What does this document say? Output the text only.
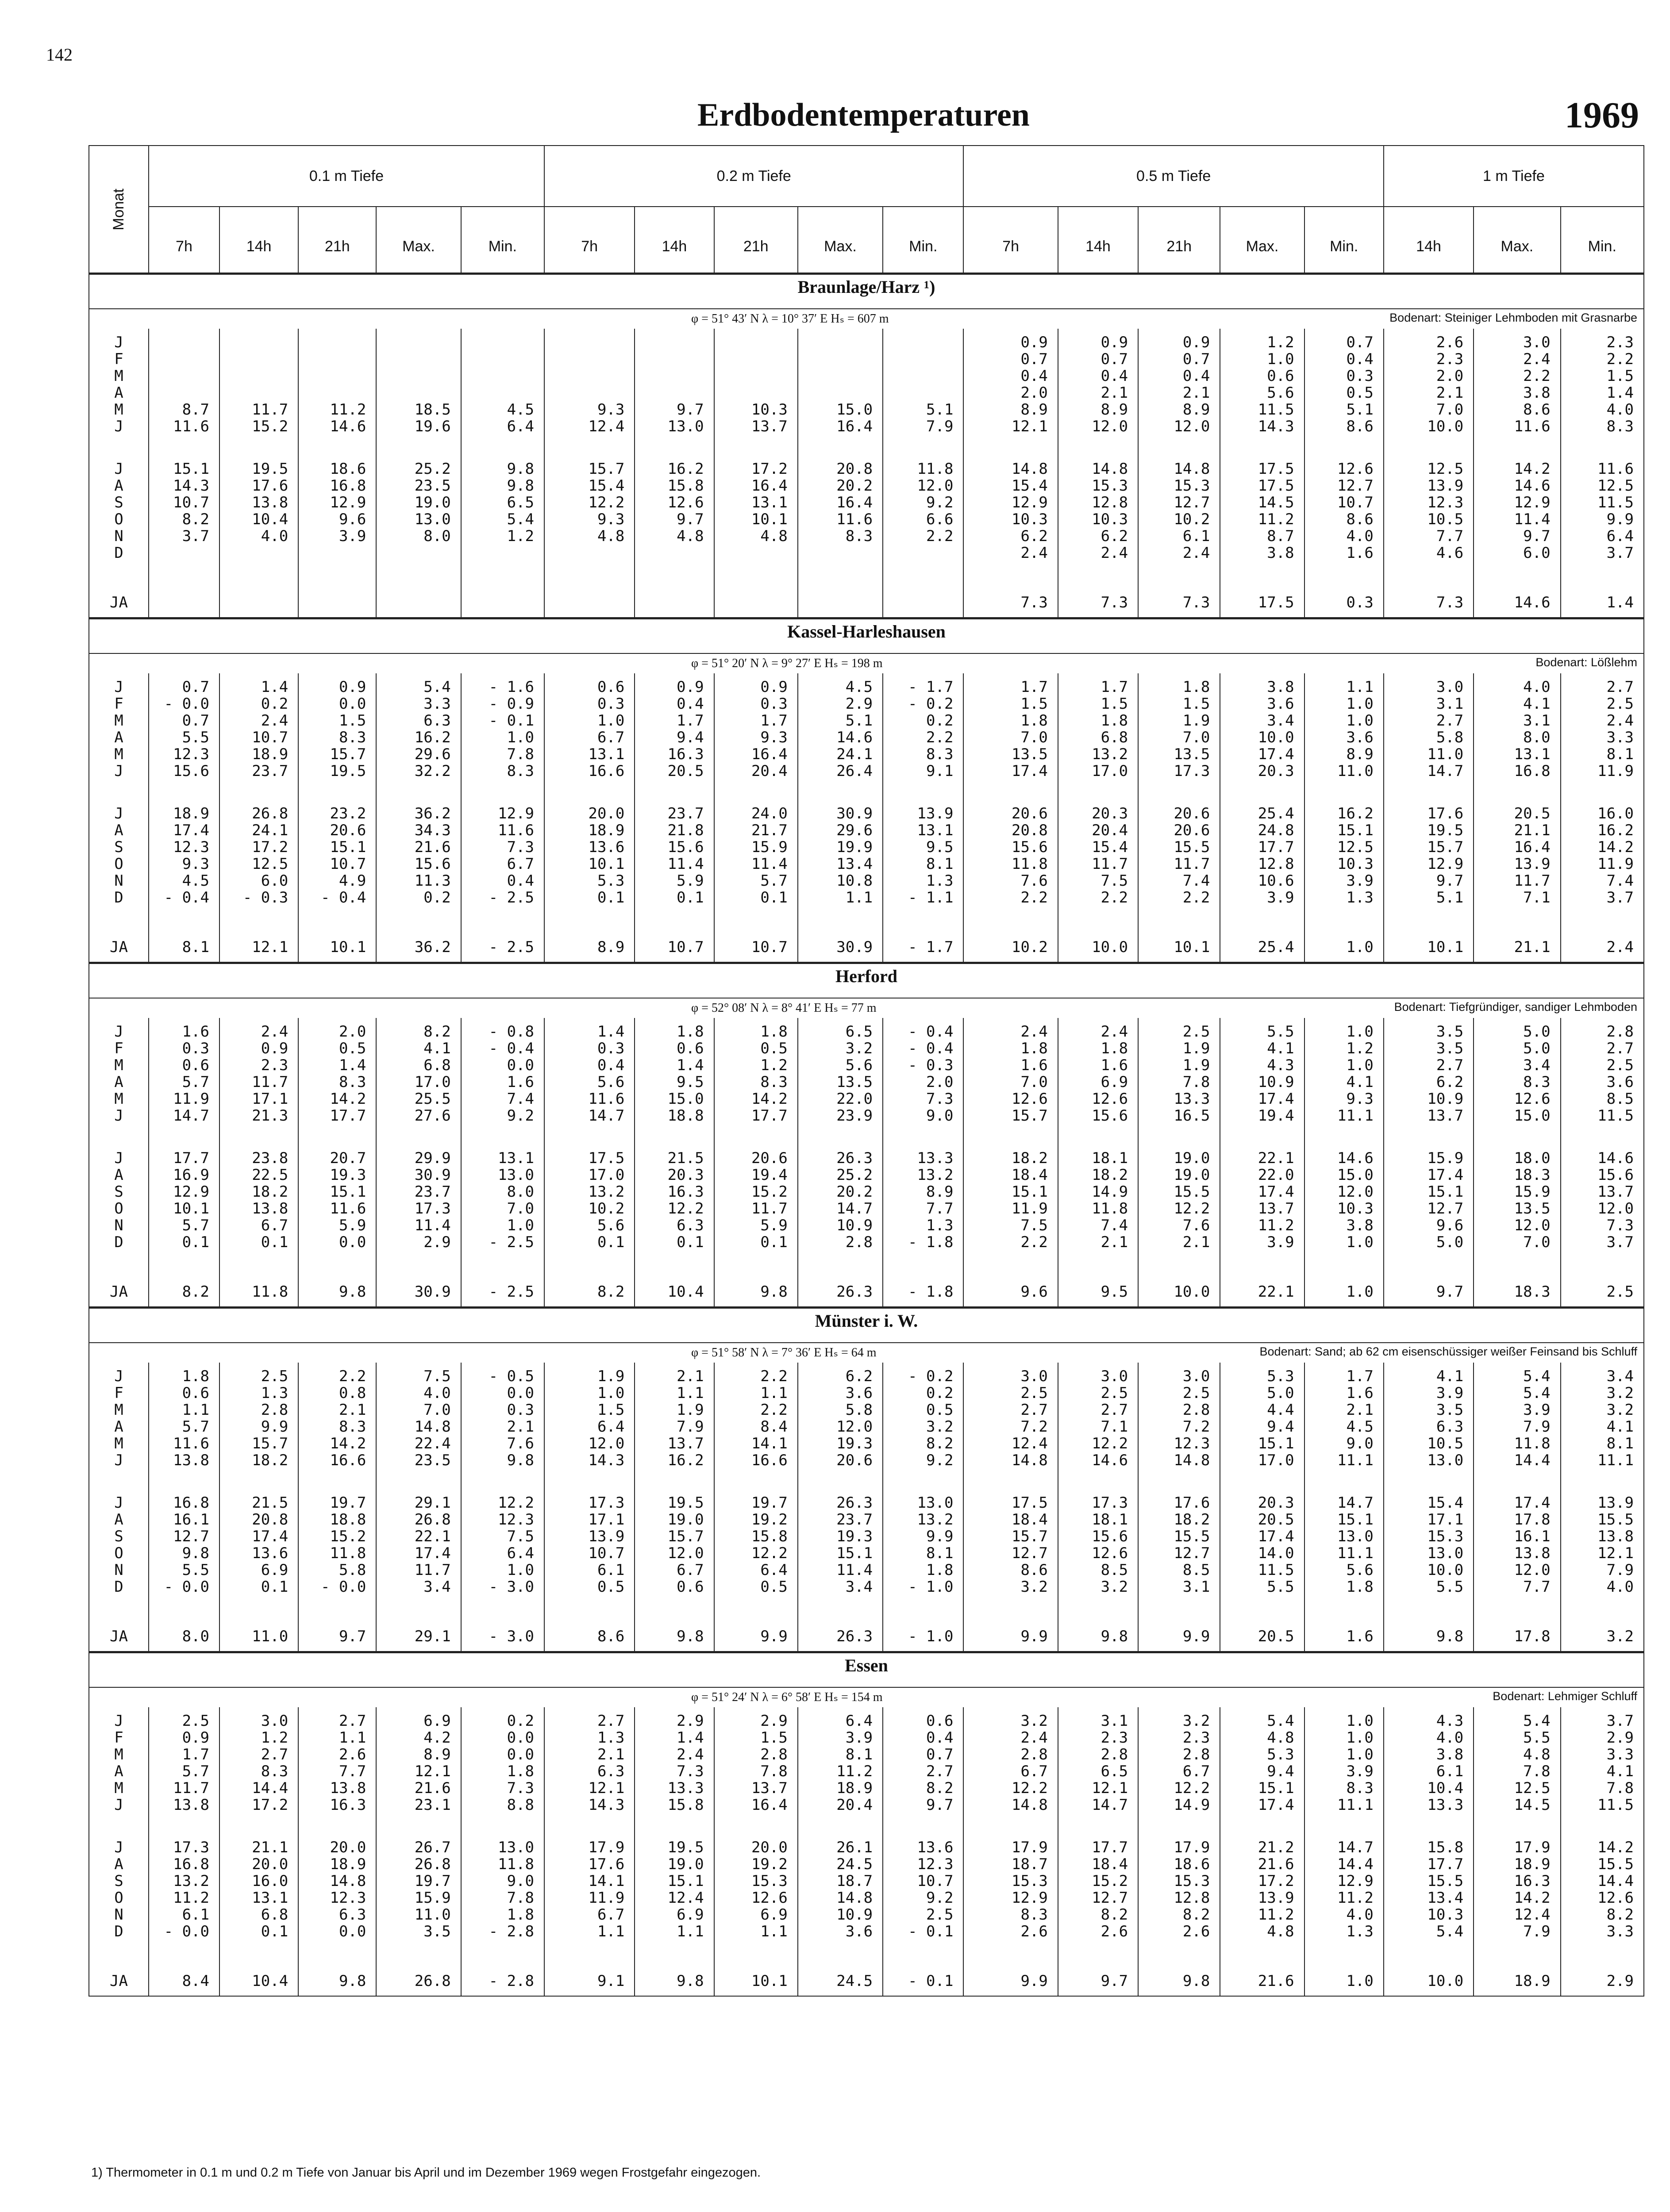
142
Erdbodentemperaturen	1969
Monat	0.1 m Tiefe					0.2 m Tiefe					0.5 m Tiefe					1 m Tiefe		
	7h	14h	21h	Max.	Min.	7h	14h	21h	Max.	Min.	7h	14h	21h	Max.	Min.	14h	Max.	Min.
Braunlage/Harz ¹)																		

φ = 51° 43′ N λ = 10° 37′ E Hₛ = 607 m Bodenart: Steiniger Lehmboden mit Grasnarbe																		

J											0.9	0.9	0.9	1.2	0.7	2.6	3.0	2.3
F											0.7	0.7	0.7	1.0	0.4	2.3	2.4	2.2
M											0.4	0.4	0.4	0.6	0.3	2.0	2.2	1.5
A											2.0	2.1	2.1	5.6	0.5	2.1	3.8	1.4
M	8.7	11.7	11.2	18.5	4.5	9.3	9.7	10.3	15.0	5.1	8.9	8.9	8.9	11.5	5.1	7.0	8.6	4.0
J	11.6	15.2	14.6	19.6	6.4	12.4	13.0	13.7	16.4	7.9	12.1	12.0	12.0	14.3	8.6	10.0	11.6	8.3
J	15.1	19.5	18.6	25.2	9.8	15.7	16.2	17.2	20.8	11.8	14.8	14.8	14.8	17.5	12.6	12.5	14.2	11.6
A	14.3	17.6	16.8	23.5	9.8	15.4	15.8	16.4	20.2	12.0	15.4	15.3	15.3	17.5	12.7	13.9	14.6	12.5
S	10.7	13.8	12.9	19.0	6.5	12.2	12.6	13.1	16.4	9.2	12.9	12.8	12.7	14.5	10.7	12.3	12.9	11.5
O	8.2	10.4	9.6	13.0	5.4	9.3	9.7	10.1	11.6	6.6	10.3	10.3	10.2	11.2	8.6	10.5	11.4	9.9
N	3.7	4.0	3.9	8.0	1.2	4.8	4.8	4.8	8.3	2.2	6.2	6.2	6.1	8.7	4.0	7.7	9.7	6.4
D											2.4	2.4	2.4	3.8	1.6	4.6	6.0	3.7
JA											7.3	7.3	7.3	17.5	0.3	7.3	14.6	1.4
Kassel-Harleshausen																		

φ = 51° 20′ N λ = 9° 27′ E Hₛ = 198 m Bodenart: Lößlehm																		

J	0.7	1.4	0.9	5.4	- 1.6	0.6	0.9	0.9	4.5	- 1.7	1.7	1.7	1.8	3.8	1.1	3.0	4.0	2.7
F	- 0.0	0.2	0.0	3.3	- 0.9	0.3	0.4	0.3	2.9	- 0.2	1.5	1.5	1.5	3.6	1.0	3.1	4.1	2.5
M	0.7	2.4	1.5	6.3	- 0.1	1.0	1.7	1.7	5.1	0.2	1.8	1.8	1.9	3.4	1.0	2.7	3.1	2.4
A	5.5	10.7	8.3	16.2	1.0	6.7	9.4	9.3	14.6	2.2	7.0	6.8	7.0	10.0	3.6	5.8	8.0	3.3
M	12.3	18.9	15.7	29.6	7.8	13.1	16.3	16.4	24.1	8.3	13.5	13.2	13.5	17.4	8.9	11.0	13.1	8.1
J	15.6	23.7	19.5	32.2	8.3	16.6	20.5	20.4	26.4	9.1	17.4	17.0	17.3	20.3	11.0	14.7	16.8	11.9
J	18.9	26.8	23.2	36.2	12.9	20.0	23.7	24.0	30.9	13.9	20.6	20.3	20.6	25.4	16.2	17.6	20.5	16.0
A	17.4	24.1	20.6	34.3	11.6	18.9	21.8	21.7	29.6	13.1	20.8	20.4	20.6	24.8	15.1	19.5	21.1	16.2
S	12.3	17.2	15.1	21.6	7.3	13.6	15.6	15.9	19.9	9.5	15.6	15.4	15.5	17.7	12.5	15.7	16.4	14.2
O	9.3	12.5	10.7	15.6	6.7	10.1	11.4	11.4	13.4	8.1	11.8	11.7	11.7	12.8	10.3	12.9	13.9	11.9
N	4.5	6.0	4.9	11.3	0.4	5.3	5.9	5.7	10.8	1.3	7.6	7.5	7.4	10.6	3.9	9.7	11.7	7.4
D	- 0.4	- 0.3	- 0.4	0.2	- 2.5	0.1	0.1	0.1	1.1	- 1.1	2.2	2.2	2.2	3.9	1.3	5.1	7.1	3.7
JA	8.1	12.1	10.1	36.2	- 2.5	8.9	10.7	10.7	30.9	- 1.7	10.2	10.0	10.1	25.4	1.0	10.1	21.1	2.4
Herford																		

φ = 52° 08′ N λ = 8° 41′ E Hₛ = 77 m Bodenart: Tiefgründiger, sandiger Lehmboden																		

J	1.6	2.4	2.0	8.2	- 0.8	1.4	1.8	1.8	6.5	- 0.4	2.4	2.4	2.5	5.5	1.0	3.5	5.0	2.8
F	0.3	0.9	0.5	4.1	- 0.4	0.3	0.6	0.5	3.2	- 0.4	1.8	1.8	1.9	4.1	1.2	3.5	5.0	2.7
M	0.6	2.3	1.4	6.8	0.0	0.4	1.4	1.2	5.6	- 0.3	1.6	1.6	1.9	4.3	1.0	2.7	3.4	2.5
A	5.7	11.7	8.3	17.0	1.6	5.6	9.5	8.3	13.5	2.0	7.0	6.9	7.8	10.9	4.1	6.2	8.3	3.6
M	11.9	17.1	14.2	25.5	7.4	11.6	15.0	14.2	22.0	7.3	12.6	12.6	13.3	17.4	9.3	10.9	12.6	8.5
J	14.7	21.3	17.7	27.6	9.2	14.7	18.8	17.7	23.9	9.0	15.7	15.6	16.5	19.4	11.1	13.7	15.0	11.5
J	17.7	23.8	20.7	29.9	13.1	17.5	21.5	20.6	26.3	13.3	18.2	18.1	19.0	22.1	14.6	15.9	18.0	14.6
A	16.9	22.5	19.3	30.9	13.0	17.0	20.3	19.4	25.2	13.2	18.4	18.2	19.0	22.0	15.0	17.4	18.3	15.6
S	12.9	18.2	15.1	23.7	8.0	13.2	16.3	15.2	20.2	8.9	15.1	14.9	15.5	17.4	12.0	15.1	15.9	13.7
O	10.1	13.8	11.6	17.3	7.0	10.2	12.2	11.7	14.7	7.7	11.9	11.8	12.2	13.7	10.3	12.7	13.5	12.0
N	5.7	6.7	5.9	11.4	1.0	5.6	6.3	5.9	10.9	1.3	7.5	7.4	7.6	11.2	3.8	9.6	12.0	7.3
D	0.1	0.1	0.0	2.9	- 2.5	0.1	0.1	0.1	2.8	- 1.8	2.2	2.1	2.1	3.9	1.0	5.0	7.0	3.7
JA	8.2	11.8	9.8	30.9	- 2.5	8.2	10.4	9.8	26.3	- 1.8	9.6	9.5	10.0	22.1	1.0	9.7	18.3	2.5
Münster i. W.																		

φ = 51° 58′ N λ = 7° 36′ E Hₛ = 64 m Bodenart: Sand; ab 62 cm eisenschüssiger weißer Feinsand bis Schluff																		

J	1.8	2.5	2.2	7.5	- 0.5	1.9	2.1	2.2	6.2	- 0.2	3.0	3.0	3.0	5.3	1.7	4.1	5.4	3.4
F	0.6	1.3	0.8	4.0	0.0	1.0	1.1	1.1	3.6	0.2	2.5	2.5	2.5	5.0	1.6	3.9	5.4	3.2
M	1.1	2.8	2.1	7.0	0.3	1.5	1.9	2.2	5.8	0.5	2.7	2.7	2.8	4.4	2.1	3.5	3.9	3.2
A	5.7	9.9	8.3	14.8	2.1	6.4	7.9	8.4	12.0	3.2	7.2	7.1	7.2	9.4	4.5	6.3	7.9	4.1
M	11.6	15.7	14.2	22.4	7.6	12.0	13.7	14.1	19.3	8.2	12.4	12.2	12.3	15.1	9.0	10.5	11.8	8.1
J	13.8	18.2	16.6	23.5	9.8	14.3	16.2	16.6	20.6	9.2	14.8	14.6	14.8	17.0	11.1	13.0	14.4	11.1
J	16.8	21.5	19.7	29.1	12.2	17.3	19.5	19.7	26.3	13.0	17.5	17.3	17.6	20.3	14.7	15.4	17.4	13.9
A	16.1	20.8	18.8	26.8	12.3	17.1	19.0	19.2	23.7	13.2	18.4	18.1	18.2	20.5	15.1	17.1	17.8	15.5
S	12.7	17.4	15.2	22.1	7.5	13.9	15.7	15.8	19.3	9.9	15.7	15.6	15.5	17.4	13.0	15.3	16.1	13.8
O	9.8	13.6	11.8	17.4	6.4	10.7	12.0	12.2	15.1	8.1	12.7	12.6	12.7	14.0	11.1	13.0	13.8	12.1
N	5.5	6.9	5.8	11.7	1.0	6.1	6.7	6.4	11.4	1.8	8.6	8.5	8.5	11.5	5.6	10.0	12.0	7.9
D	- 0.0	0.1	- 0.0	3.4	- 3.0	0.5	0.6	0.5	3.4	- 1.0	3.2	3.2	3.1	5.5	1.8	5.5	7.7	4.0
JA	8.0	11.0	9.7	29.1	- 3.0	8.6	9.8	9.9	26.3	- 1.0	9.9	9.8	9.9	20.5	1.6	9.8	17.8	3.2
Essen																		

φ = 51° 24′ N λ = 6° 58′ E Hₛ = 154 m Bodenart: Lehmiger Schluff																		

J	2.5	3.0	2.7	6.9	0.2	2.7	2.9	2.9	6.4	0.6	3.2	3.1	3.2	5.4	1.0	4.3	5.4	3.7
F	0.9	1.2	1.1	4.2	0.0	1.3	1.4	1.5	3.9	0.4	2.4	2.3	2.3	4.8	1.0	4.0	5.5	2.9
M	1.7	2.7	2.6	8.9	0.0	2.1	2.4	2.8	8.1	0.7	2.8	2.8	2.8	5.3	1.0	3.8	4.8	3.3
A	5.7	8.3	7.7	12.1	1.8	6.3	7.3	7.8	11.2	2.7	6.7	6.5	6.7	9.4	3.9	6.1	7.8	4.1
M	11.7	14.4	13.8	21.6	7.3	12.1	13.3	13.7	18.9	8.2	12.2	12.1	12.2	15.1	8.3	10.4	12.5	7.8
J	13.8	17.2	16.3	23.1	8.8	14.3	15.8	16.4	20.4	9.7	14.8	14.7	14.9	17.4	11.1	13.3	14.5	11.5
J	17.3	21.1	20.0	26.7	13.0	17.9	19.5	20.0	26.1	13.6	17.9	17.7	17.9	21.2	14.7	15.8	17.9	14.2
A	16.8	20.0	18.9	26.8	11.8	17.6	19.0	19.2	24.5	12.3	18.7	18.4	18.6	21.6	14.4	17.7	18.9	15.5
S	13.2	16.0	14.8	19.7	9.0	14.1	15.1	15.3	18.7	10.7	15.3	15.2	15.3	17.2	12.9	15.5	16.3	14.4
O	11.2	13.1	12.3	15.9	7.8	11.9	12.4	12.6	14.8	9.2	12.9	12.7	12.8	13.9	11.2	13.4	14.2	12.6
N	6.1	6.8	6.3	11.0	1.8	6.7	6.9	6.9	10.9	2.5	8.3	8.2	8.2	11.2	4.0	10.3	12.4	8.2
D	- 0.0	0.1	0.0	3.5	- 2.8	1.1	1.1	1.1	3.6	- 0.1	2.6	2.6	2.6	4.8	1.3	5.4	7.9	3.3
JA	8.4	10.4	9.8	26.8	- 2.8	9.1	9.8	10.1	24.5	- 0.1	9.9	9.7	9.8	21.6	1.0	10.0	18.9	2.9
1) Thermometer in 0.1 m und 0.2 m Tiefe von Januar bis April und im Dezember 1969 wegen Frostgefahr eingezogen.
